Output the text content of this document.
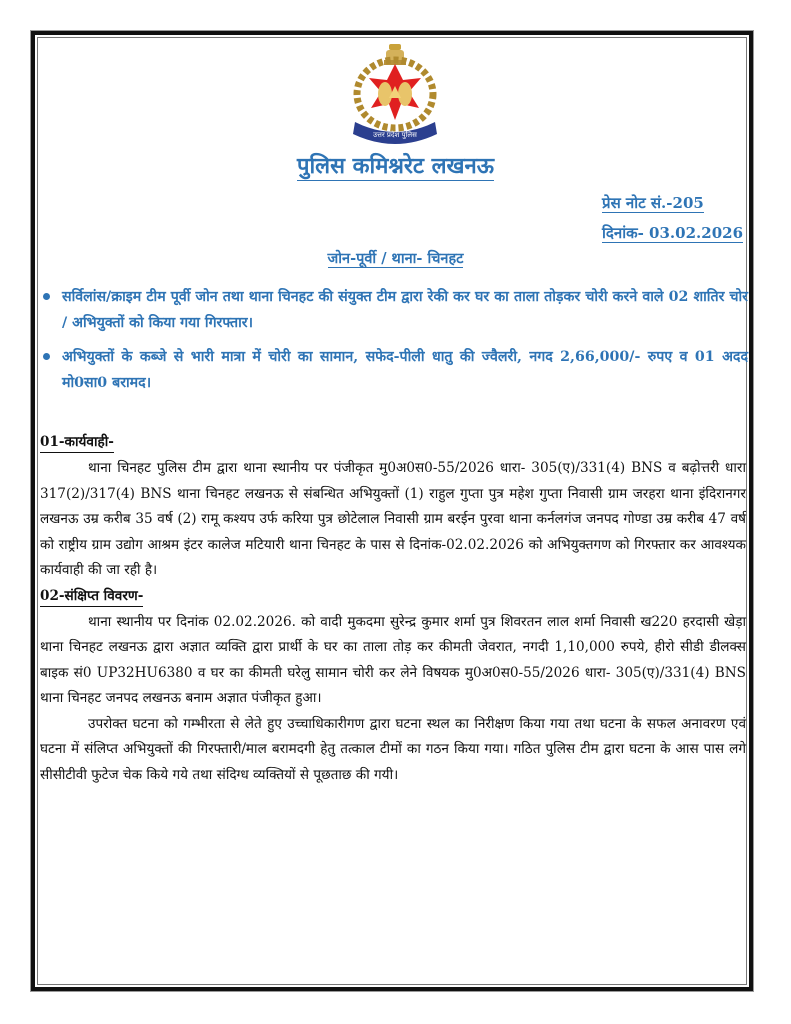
उत्तर प्रदेश पुलिस
पुलिस कमिश्नरेट लखनऊ
प्रेस नोट सं.-205
दिनांक- 03.02.2026
जोन-पूर्वी / थाना- चिनहट
सर्विलांस/क्राइम टीम पूर्वी जोन तथा थाना चिनहट की संयुक्त टीम द्वारा रेकी कर घर का ताला तोड़कर चोरी करने वाले 02 शातिर चोर / अभियुक्तों को किया गया गिरफ्तार।
अभियुक्तों के कब्जे से भारी मात्रा में चोरी का सामान, सफेद-पीली धातु की ज्वैलरी, नगद 2,66,000/- रुपए व 01 अदद मो0सा0 बरामद।
01-कार्यवाही-

थाना चिनहट पुलिस टीम द्वारा थाना स्थानीय पर पंजीकृत मु0अ0स0-55/2026 धारा- 305(ए)/331(4) BNS व बढ़ोत्तरी धारा 317(2)/317(4) BNS थाना चिनहट लखनऊ से संबन्धित अभियुक्तों (1) राहुल गुप्ता पुत्र महेश गुप्ता निवासी ग्राम जरहरा थाना इंदिरानगर लखनऊ उम्र करीब 35 वर्ष (2) रामू कश्यप उर्फ करिया पुत्र छोटेलाल निवासी ग्राम बरईन पुरवा थाना कर्नलगंज जनपद गोण्डा उम्र करीब 47 वर्ष को राष्ट्रीय ग्राम उद्योग आश्रम इंटर कालेज मटियारी थाना चिनहट के पास से दिनांक-02.02.2026 को अभियुक्तगण को गिरफ्तार कर आवश्यक कार्यवाही की जा रही है।

02-संक्षिप्त विवरण-

थाना स्थानीय पर दिनांक 02.02.2026. को वादी मुकदमा सुरेन्द्र कुमार शर्मा पुत्र शिवरतन लाल शर्मा निवासी ख220 हरदासी खेड़ा थाना चिनहट लखनऊ द्वारा अज्ञात व्यक्ति द्वारा प्रार्थी के घर का ताला तोड़ कर कीमती जेवरात, नगदी 1,10,000 रुपये, हीरो सीडी डीलक्स बाइक सं0 UP32HU6380 व घर का कीमती घरेलु सामान चोरी कर लेने विषयक मु0अ0स0-55/2026 धारा- 305(ए)/331(4) BNS थाना चिनहट जनपद लखनऊ बनाम अज्ञात पंजीकृत हुआ।

उपरोक्त घटना को गम्भीरता से लेते हुए उच्चाधिकारीगण द्वारा घटना स्थल का निरीक्षण किया गया तथा घटना के सफल अनावरण एवं घटना में संलिप्त अभियुक्तों की गिरफ्तारी/माल बरामदगी हेतु तत्काल टीमों का गठन किया गया। गठित पुलिस टीम द्वारा घटना के आस पास लगे सीसीटीवी फुटेज चेक किये गये तथा संदिग्ध व्यक्तियों से पूछताछ की गयी।
